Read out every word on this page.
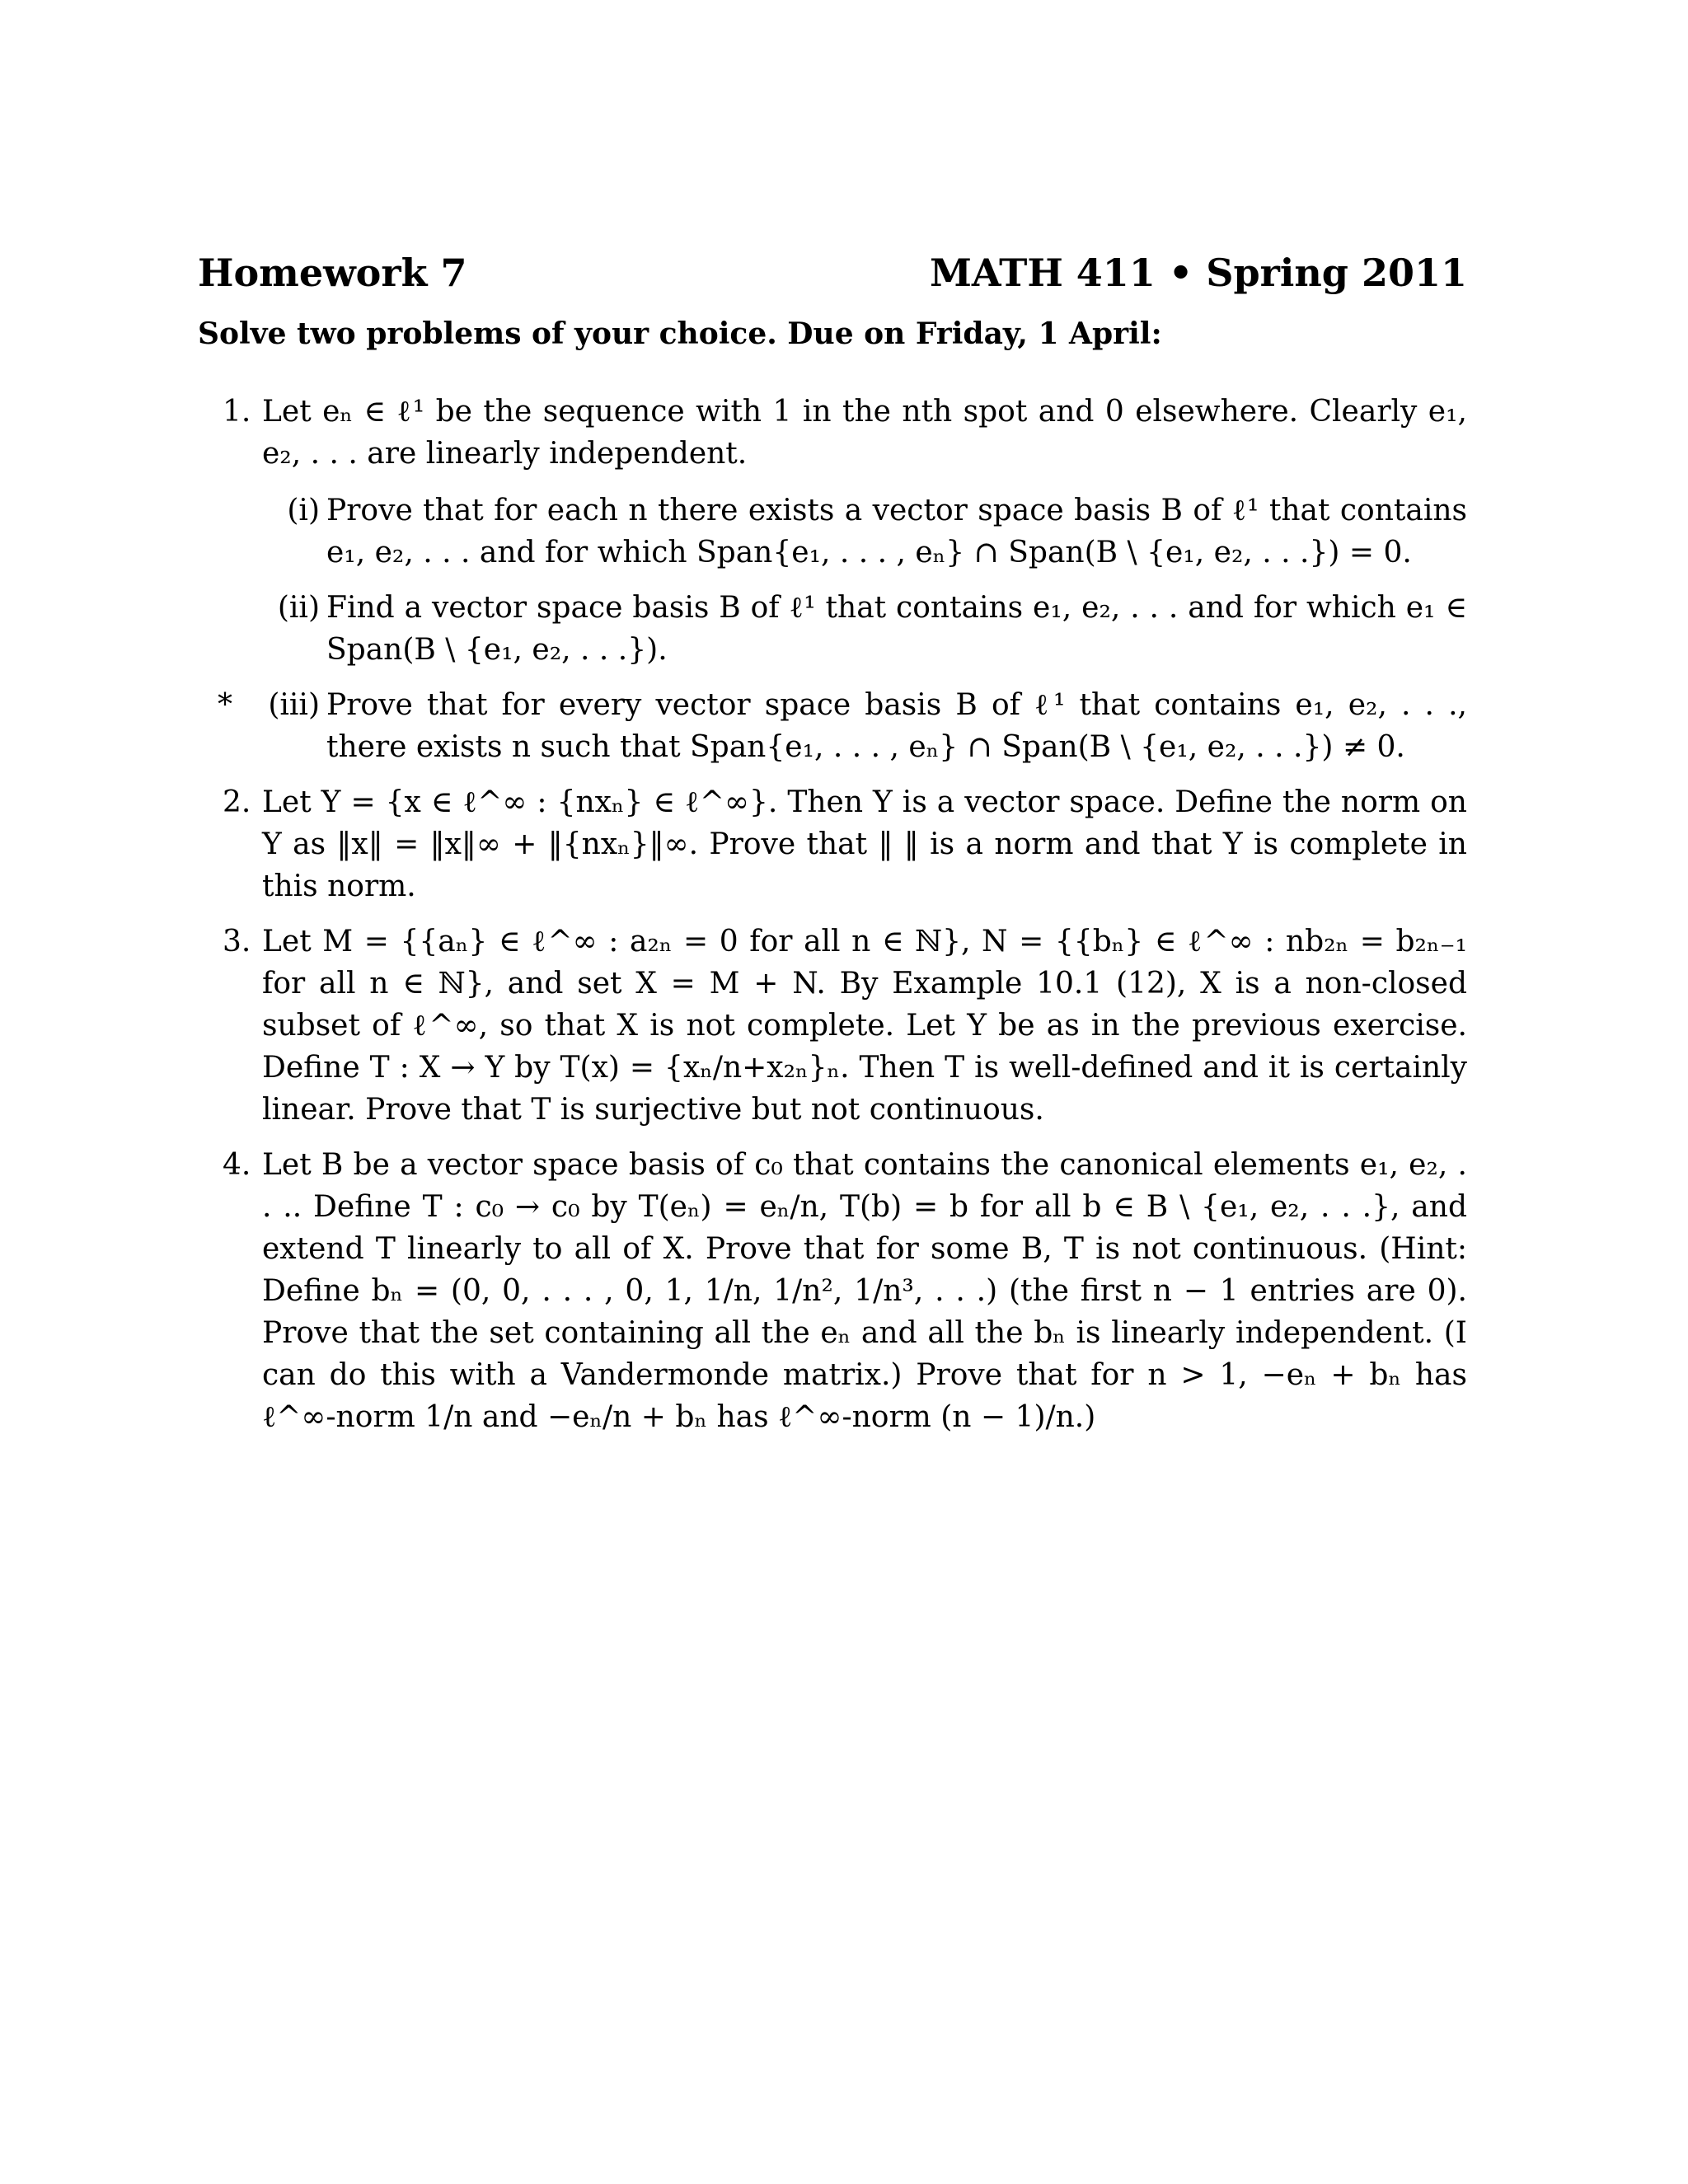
Homework 7	MATH 411 • Spring 2011
Solve two problems of your choice. Due on Friday, 1 April:
1. Let eₙ ∈ ℓ¹ be the sequence with 1 in the nth spot and 0 elsewhere. Clearly e₁, e₂, . . . are linearly independent.
(i) Prove that for each n there exists a vector space basis B of ℓ¹ that contains e₁, e₂, . . . and for which Span{e₁, . . . , eₙ} ∩ Span(B \ {e₁, e₂, . . .}) = 0.
(ii) Find a vector space basis B of ℓ¹ that contains e₁, e₂, . . . and for which e₁ ∈ Span(B \ {e₁, e₂, . . .}).
* (iii) Prove that for every vector space basis B of ℓ¹ that contains e₁, e₂, . . ., there exists n such that Span{e₁, . . . , eₙ} ∩ Span(B \ {e₁, e₂, . . .}) ≠ 0.
2. Let Y = {x ∈ ℓ^∞ : {nxₙ} ∈ ℓ^∞}. Then Y is a vector space. Define the norm on Y as ‖x‖ = ‖x‖∞ + ‖{nxₙ}‖∞. Prove that ‖ ‖ is a norm and that Y is complete in this norm.
3. Let M = {{aₙ} ∈ ℓ^∞ : a₂ₙ = 0 for all n ∈ ℕ}, N = {{bₙ} ∈ ℓ^∞ : nb₂ₙ = b₂ₙ₋₁ for all n ∈ ℕ}, and set X = M + N. By Example 10.1 (12), X is a non-closed subset of ℓ^∞, so that X is not complete. Let Y be as in the previous exercise. Define T : X → Y by T(x) = {xₙ/n+x₂ₙ}ₙ. Then T is well-defined and it is certainly linear. Prove that T is surjective but not continuous.
4. Let B be a vector space basis of c₀ that contains the canonical elements e₁, e₂, . . .. Define T : c₀ → c₀ by T(eₙ) = eₙ/n, T(b) = b for all b ∈ B \ {e₁, e₂, . . .}, and extend T linearly to all of X. Prove that for some B, T is not continuous. (Hint: Define bₙ = (0, 0, . . . , 0, 1, 1/n, 1/n², 1/n³, . . .) (the first n − 1 entries are 0). Prove that the set containing all the eₙ and all the bₙ is linearly independent. (I can do this with a Vandermonde matrix.) Prove that for n > 1, −eₙ + bₙ has ℓ^∞-norm 1/n and −eₙ/n + bₙ has ℓ^∞-norm (n − 1)/n.)
